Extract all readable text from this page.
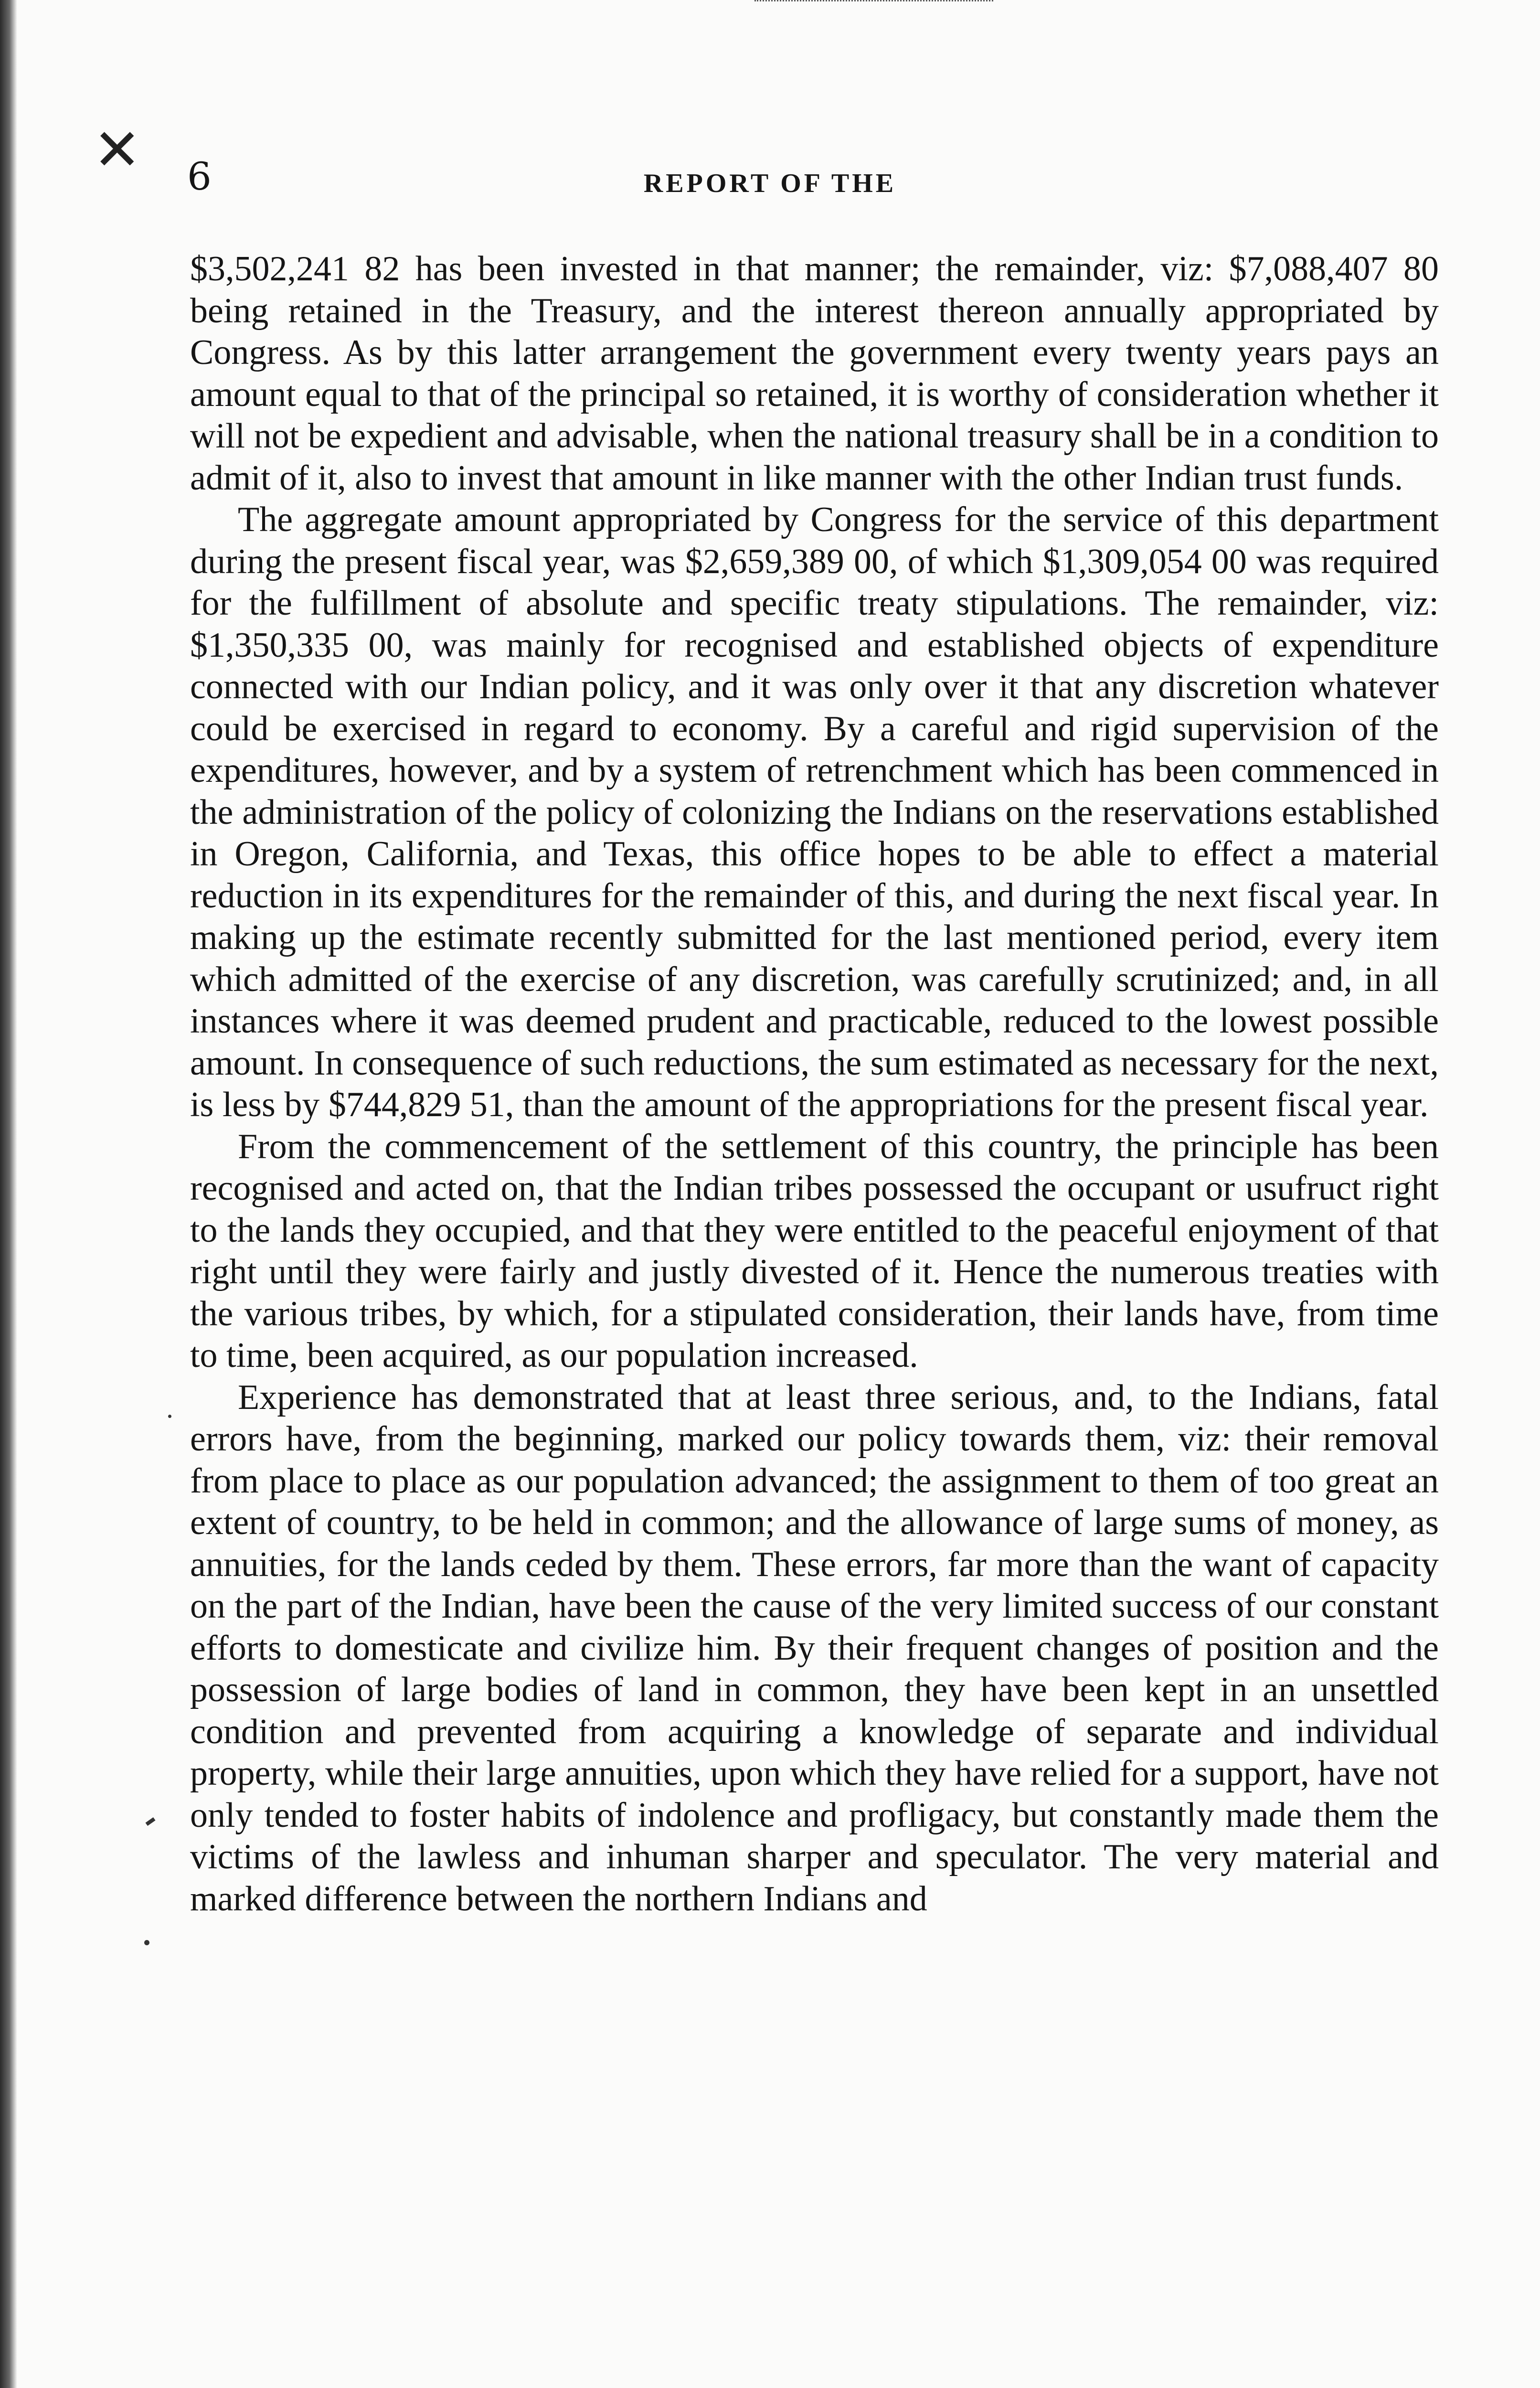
✕ 6	REPORT OF THE

$3,502,241 82 has been invested in that manner; the remainder, viz: $7,088,407 80 being retained in the Treasury, and the interest thereon annually appropriated by Congress. As by this latter arrangement the government every twenty years pays an amount equal to that of the principal so retained, it is worthy of consideration whether it will not be expedient and advisable, when the national treasury shall be in a condition to admit of it, also to invest that amount in like manner with the other Indian trust funds.

The aggregate amount appropriated by Congress for the service of this department during the present fiscal year, was $2,659,389 00, of which $1,309,054 00 was required for the fulfillment of absolute and specific treaty stipulations. The remainder, viz: $1,350,335 00, was mainly for recognised and established objects of expenditure connected with our Indian policy, and it was only over it that any discretion whatever could be exercised in regard to economy. By a careful and rigid supervision of the expenditures, however, and by a system of retrenchment which has been commenced in the administration of the policy of colonizing the Indians on the reservations established in Oregon, California, and Texas, this office hopes to be able to effect a material reduction in its expenditures for the remainder of this, and during the next fiscal year. In making up the estimate recently submitted for the last mentioned period, every item which admitted of the exercise of any discretion, was carefully scrutinized; and, in all instances where it was deemed prudent and practicable, reduced to the lowest possible amount. In consequence of such reductions, the sum estimated as necessary for the next, is less by $744,829 51, than the amount of the appropriations for the present fiscal year.

From the commencement of the settlement of this country, the principle has been recognised and acted on, that the Indian tribes possessed the occupant or usufruct right to the lands they occupied, and that they were entitled to the peaceful enjoyment of that right until they were fairly and justly divested of it. Hence the numerous treaties with the various tribes, by which, for a stipulated consideration, their lands have, from time to time, been acquired, as our population increased.

Experience has demonstrated that at least three serious, and, to the Indians, fatal errors have, from the beginning, marked our policy towards them, viz: their removal from place to place as our population advanced; the assignment to them of too great an extent of country, to be held in common; and the allowance of large sums of money, as annuities, for the lands ceded by them. These errors, far more than the want of capacity on the part of the Indian, have been the cause of the very limited success of our constant efforts to domesticate and civilize him. By their frequent changes of position and the possession of large bodies of land in common, they have been kept in an unsettled condition and prevented from acquiring a knowledge of separate and individual property, while their large annuities, upon which they have relied for a support, have not only tended to foster habits of indolence and profligacy, but constantly made them the victims of the lawless and inhuman sharper and speculator. The very material and marked difference between the northern Indians and
